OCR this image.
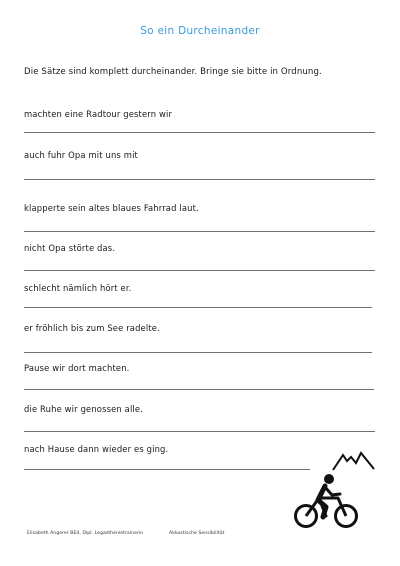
So ein Durcheinander
Die Sätze sind komplett durcheinander. Bringe sie bitte in Ordnung.
machten eine Radtour gestern wir
auch fuhr Opa mit uns mit
klapperte sein altes blaues Fahrrad laut.
nicht Opa störte das.
schlecht nämlich hört er.
er fröhlich bis zum See radelte.
Pause wir dort machten.
die Ruhe wir genossen alle.
nach Hause dann wieder es ging.
Elisabeth Angerer BEd, Dipl. Legasthenietrainerin	Akkustische Sensibilität
